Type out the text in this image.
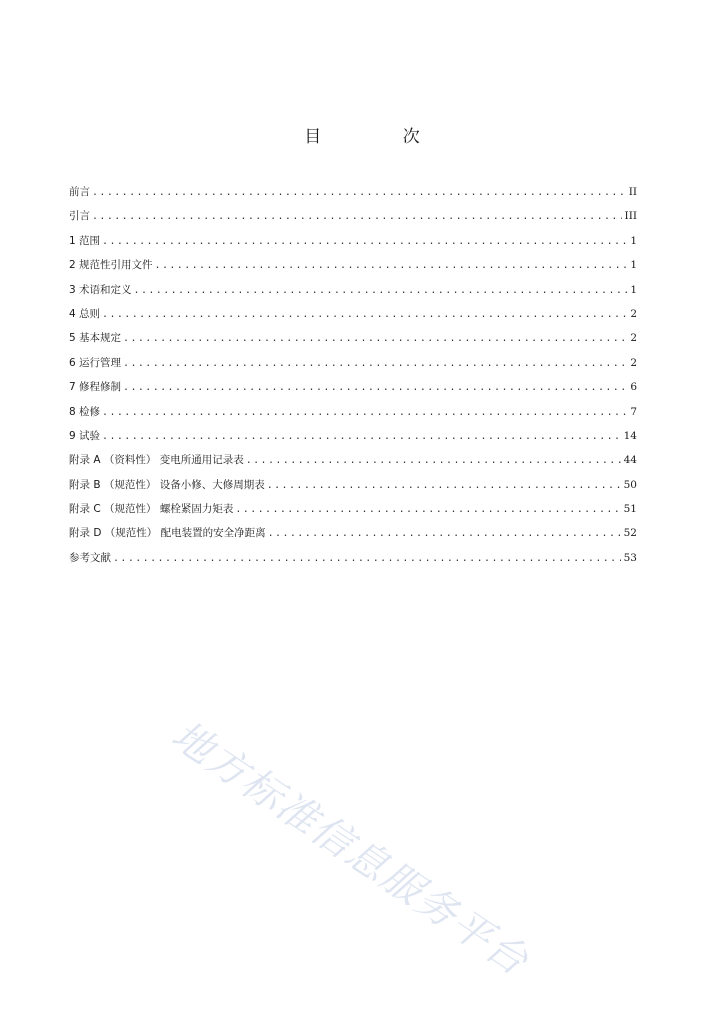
目 次
前言 .....	II
引言 .....	III
1 范围 .....	1
2 规范性引用文件 .....	1
3 术语和定义 .....	1
4 总则 .....	2
5 基本规定 .....	2
6 运行管理 .....	2
7 修程修制 .....	6
8 检修 .....	7
9 试验 .....	14
附录 A （资料性） 变电所通用记录表 .....	44
附录 B （规范性） 设备小修、大修周期表 .....	50
附录 C （规范性） 螺栓紧固力矩表 .....	51
附录 D （规范性） 配电装置的安全净距离 .....	52
参考文献 .....	53
地方标准信息服务平台
